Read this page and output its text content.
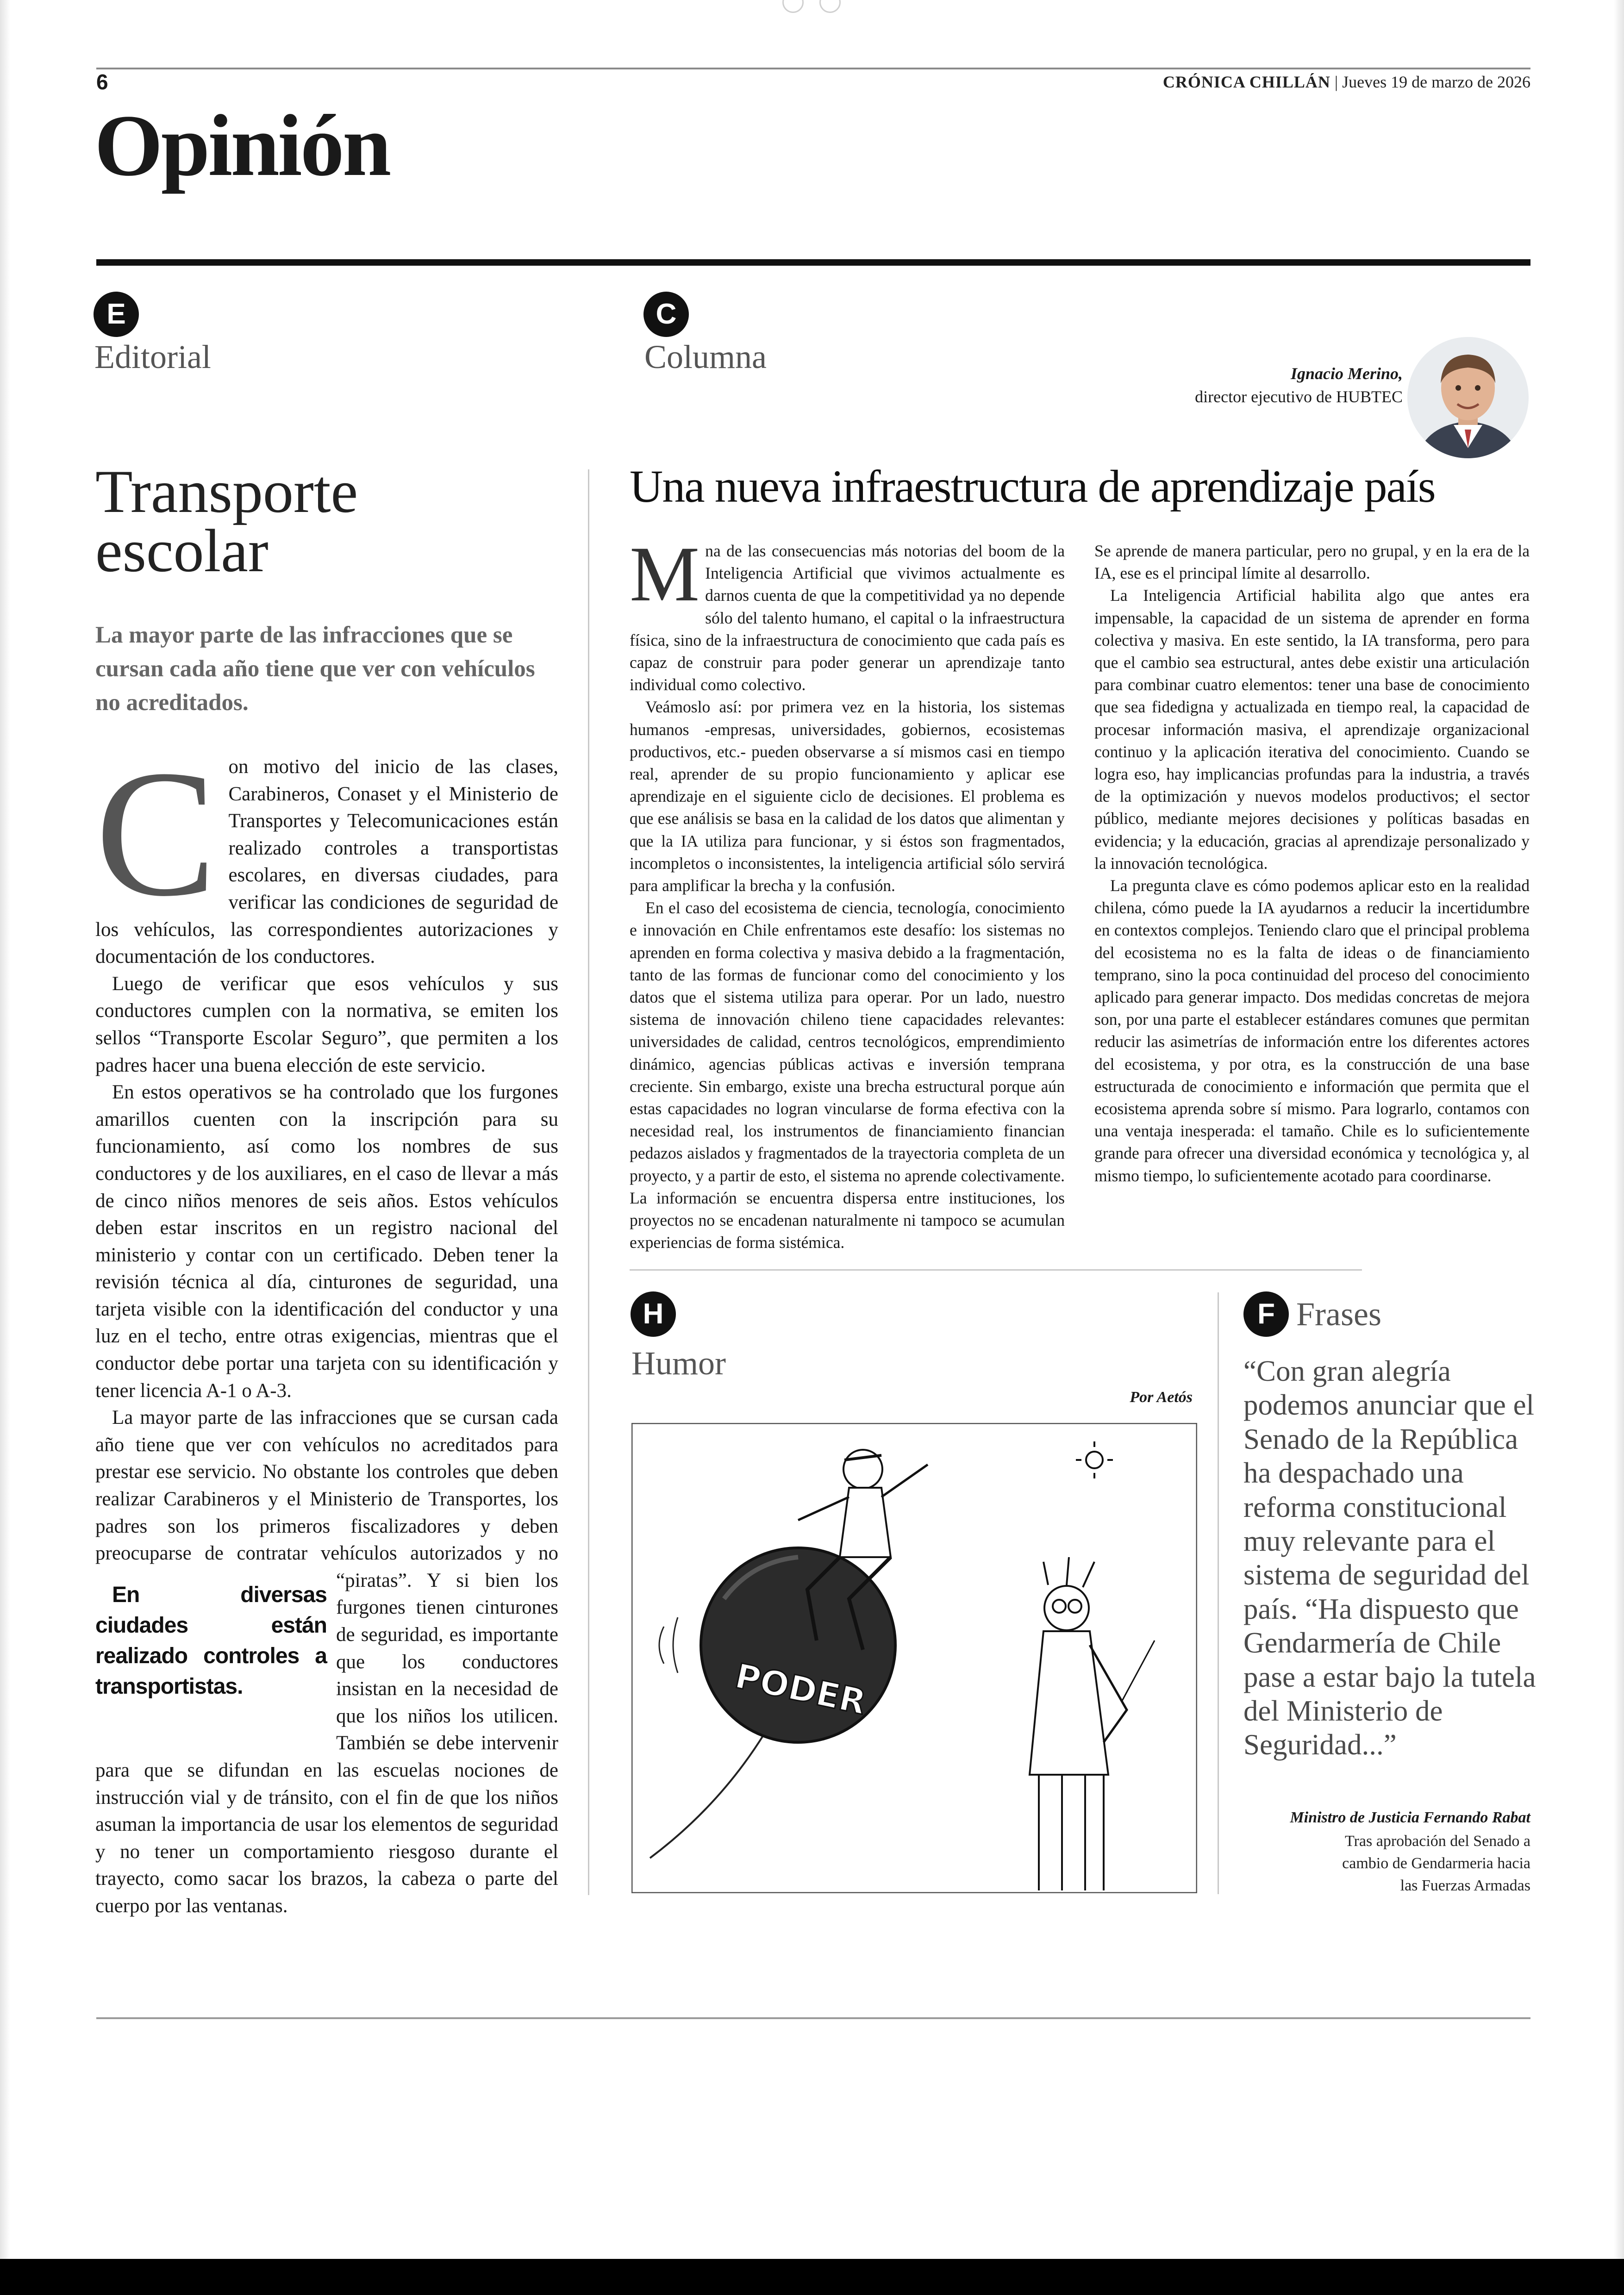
6	CRÓNICA CHILLÁN | Jueves 19 de marzo de 2026
Opinión
E
Editorial
C
Columna
Transporte
escolar
La mayor parte de las infracciones que se cursan cada año tiene que ver con vehículos no acreditados.

Con motivo del inicio de las clases, Carabineros, Conaset y el Ministerio de Transportes y Telecomunicaciones están realizado controles a transportistas escolares, en diversas ciudades, para verificar las condiciones de seguridad de los vehículos, las correspondientes autorizaciones y documentación de los conductores.

Luego de verificar que esos vehículos y sus conductores cumplen con la normativa, se emiten los sellos “Transporte Escolar Seguro”, que permiten a los padres hacer una buena elección de este servicio.

En diversas ciudades están realizado controles a transportistas.
En estos operativos se ha controlado que los furgones amarillos cuenten con la inscripción para su funcionamiento, así como los nombres de sus conductores y de los auxiliares, en el caso de llevar a más de cinco niños menores de seis años. Estos vehículos deben estar inscritos en un registro nacional del ministerio y contar con un certificado. Deben tener la revisión técnica al día, cinturones de seguridad, una tarjeta visible con la identificación del conductor y una luz en el techo, entre otras exigencias, mientras que el conductor debe portar una tarjeta con su identificación y tener licencia A-1 o A-3.

La mayor parte de las infracciones que se cursan cada año tiene que ver con vehículos no acreditados para prestar ese servicio. No obstante los controles que deben realizar Carabineros y el Ministerio de Transportes, los padres son los primeros fiscalizadores y deben preocuparse de contratar vehículos autorizados y no “piratas”. Y si bien los furgones tienen cinturones de seguridad, es importante que los conductores insistan en la necesidad de que los niños los utilicen. También se debe intervenir para que se difundan en las escuelas nociones de instrucción vial y de tránsito, con el fin de que los niños asuman la importancia de usar los elementos de seguridad y no tener un comportamiento riesgoso durante el trayecto, como sacar los brazos, la cabeza o parte del cuerpo por las ventanas.

Ignacio Merino,
director ejecutivo de HUBTEC
Una nueva infraestructura de aprendizaje país

Mna de las consecuencias más notorias del boom de la Inteligencia Artificial que vivimos actualmente es darnos cuenta de que la competitividad ya no depende sólo del talento humano, el capital o la infraestructura física, sino de la infraestructura de conocimiento que cada país es capaz de construir para poder generar un aprendizaje tanto individual como colectivo.

Veámoslo así: por primera vez en la historia, los sistemas humanos -empresas, universidades, gobiernos, ecosistemas productivos, etc.- pueden observarse a sí mismos casi en tiempo real, aprender de su propio funcionamiento y aplicar ese aprendizaje en el siguiente ciclo de decisiones. El problema es que ese análisis se basa en la calidad de los datos que alimentan y que la IA utiliza para funcionar, y si éstos son fragmentados, incompletos o inconsistentes, la inteligencia artificial sólo servirá para amplificar la brecha y la confusión.

En el caso del ecosistema de ciencia, tecnología, conocimiento e innovación en Chile enfrentamos este desafío: los sistemas no aprenden en forma colectiva y masiva debido a la fragmentación, tanto de las formas de funcionar como del conocimiento y los datos que el sistema utiliza para operar. Por un lado, nuestro sistema de innovación chileno tiene capacidades relevantes: universidades de calidad, centros tecnológicos, emprendimiento dinámico, agencias públicas activas e inversión temprana creciente. Sin embargo, existe una brecha estructural porque aún estas capacidades no logran vincularse de forma efectiva con la necesidad real, los instrumentos de financiamiento financian pedazos aislados y fragmentados de la trayectoria completa de un proyecto, y a partir de esto, el sistema no aprende colectivamente. La información se encuentra dispersa entre instituciones, los proyectos no se encadenan naturalmente ni tampoco se acumulan experiencias de forma sistémica.

Se aprende de manera particular, pero no grupal, y en la era de la IA, ese es el principal límite al desarrollo.

La Inteligencia Artificial habilita algo que antes era impensable, la capacidad de un sistema de aprender en forma colectiva y masiva. En este sentido, la IA transforma, pero para que el cambio sea estructural, antes debe existir una articulación para combinar cuatro elementos: tener una base de conocimiento que sea fidedigna y actualizada en tiempo real, la capacidad de procesar información masiva, el aprendizaje organizacional continuo y la aplicación iterativa del conocimiento. Cuando se logra eso, hay implicancias profundas para la industria, a través de la optimización y nuevos modelos productivos; el sector público, mediante mejores decisiones y políticas basadas en evidencia; y la educación, gracias al aprendizaje personalizado y la innovación tecnológica.

La pregunta clave es cómo podemos aplicar esto en la realidad chilena, cómo puede la IA ayudarnos a reducir la incertidumbre en contextos complejos. Teniendo claro que el principal problema del ecosistema no es la falta de ideas o de financiamiento temprano, sino la poca continuidad del proceso del conocimiento aplicado para generar impacto. Dos medidas concretas de mejora son, por una parte el establecer estándares comunes que permitan reducir las asimetrías de información entre los diferentes actores del ecosistema, y por otra, es la construcción de una base estructurada de conocimiento e información que permita que el ecosistema aprenda sobre sí mismo. Para lograrlo, contamos con una ventaja inesperada: el tamaño. Chile es lo suficientemente grande para ofrecer una diversidad económica y tecnológica y, al mismo tiempo, lo suficientemente acotado para coordinarse.

H
Humor
Por Aetós
PODER
F Frases
“Con gran alegría podemos anunciar que el Senado de la República ha despachado una reforma constitucional muy relevante para el sistema de seguridad del país. “Ha dispuesto que Gendarmería de Chile pase a estar bajo la tutela del Ministerio de Seguridad...”
Ministro de Justicia Fernando Rabat
Tras aprobación del Senado a
cambio de Gendarmeria hacia
las Fuerzas Armadas
